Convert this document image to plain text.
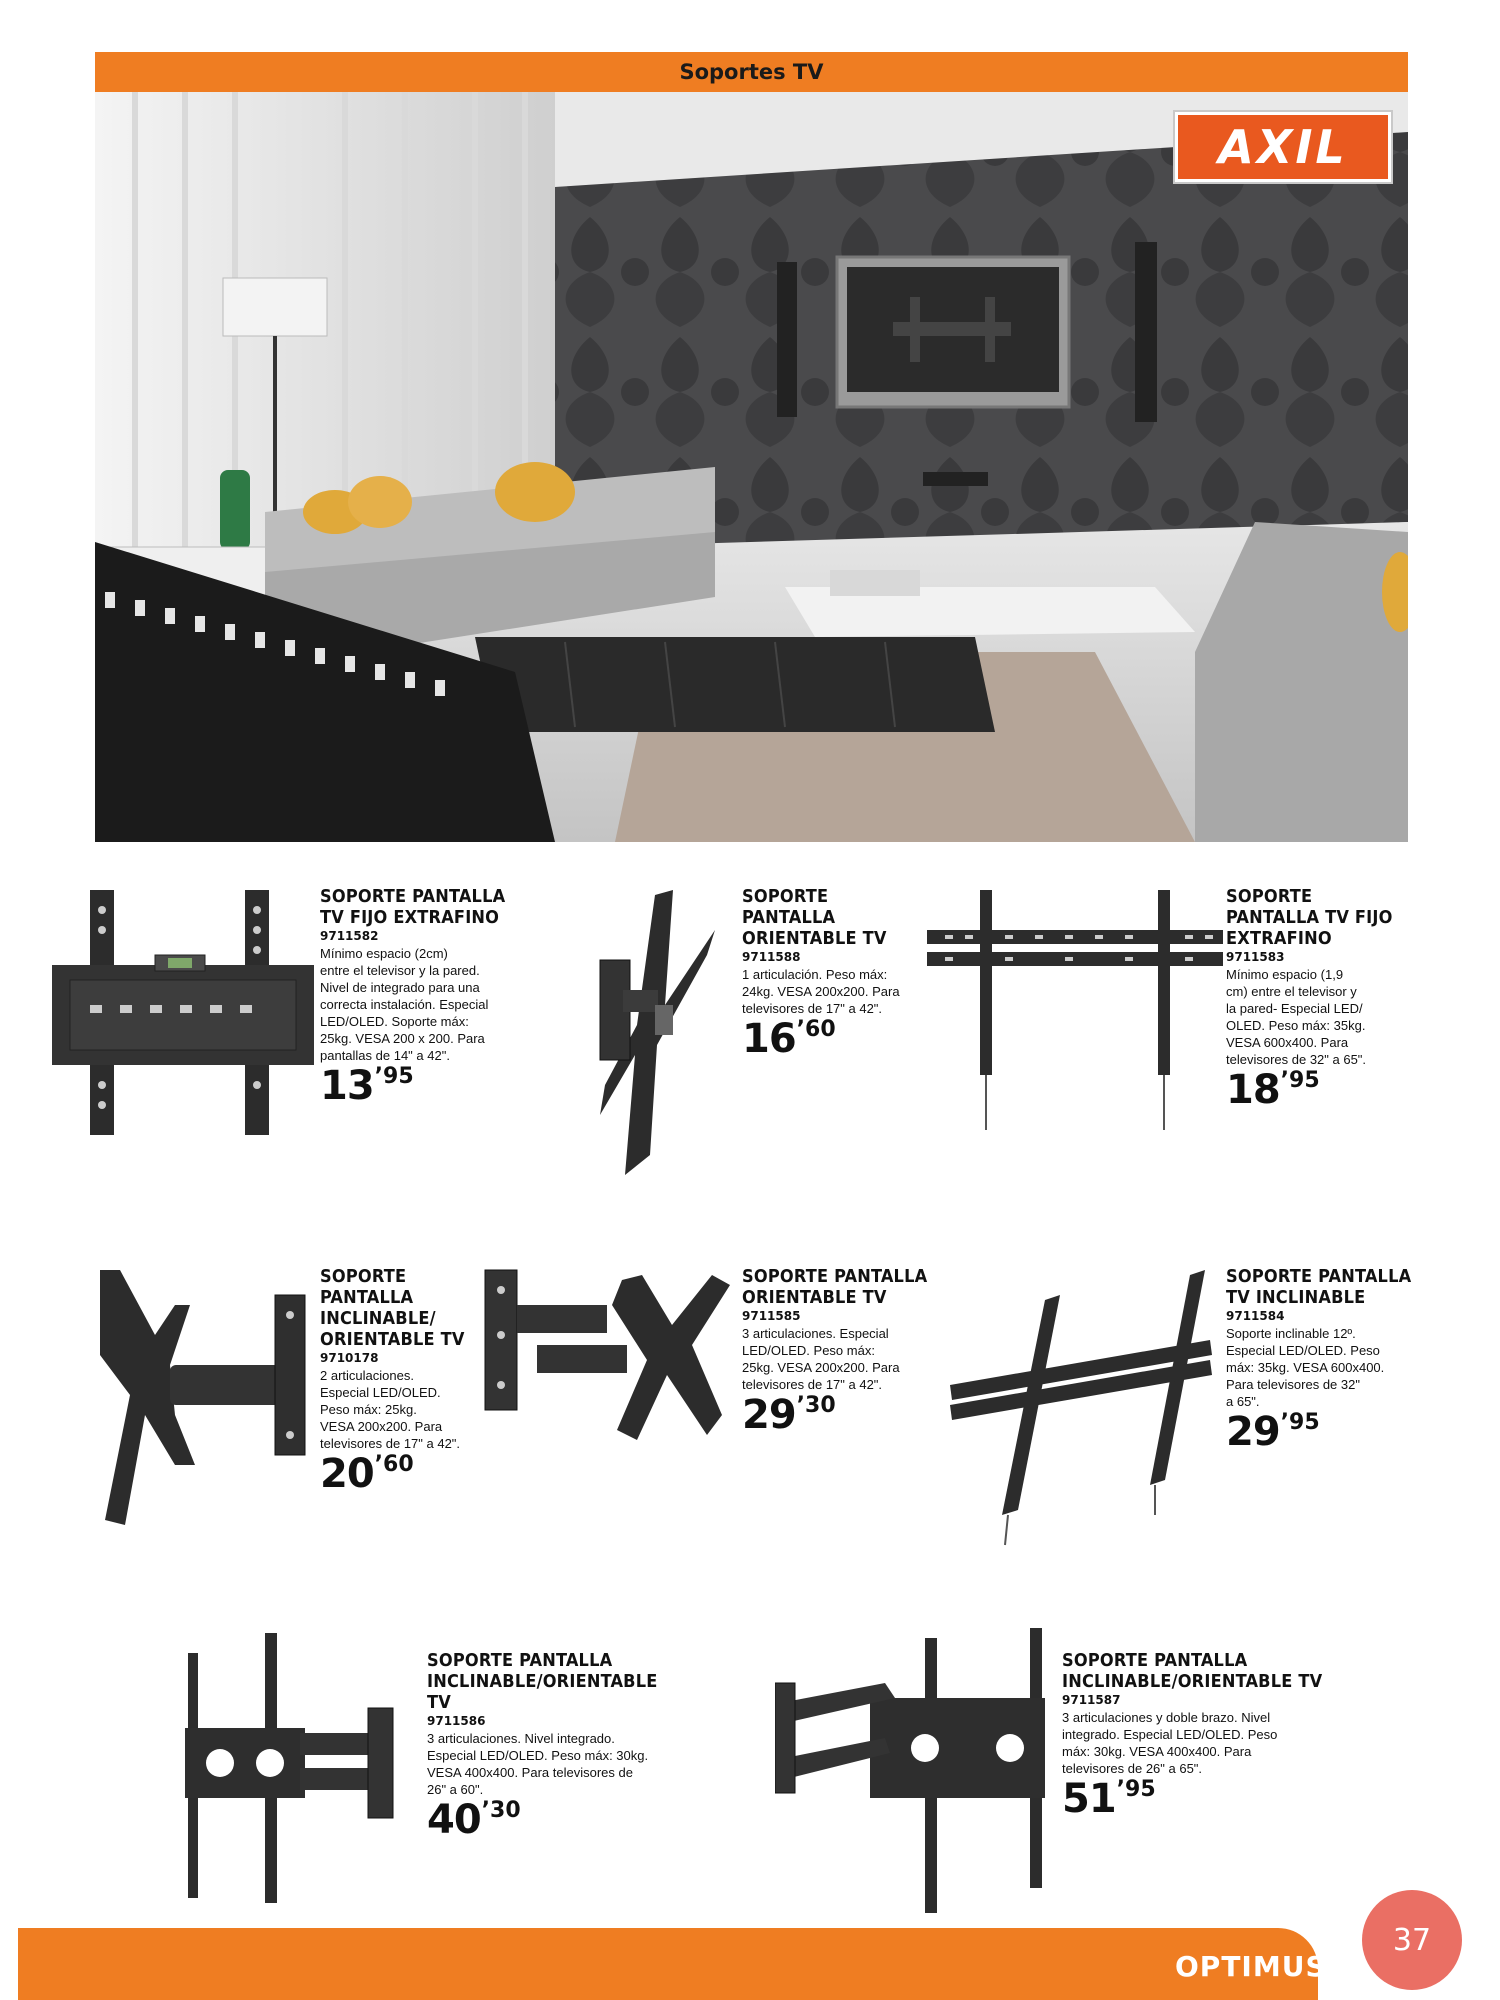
Soportes TV
AXIL
SOPORTE PANTALLA
TV FIJO EXTRAFINO
9711582
Mínimo espacio (2cm)
entre el televisor y la pared.
Nivel de integrado para una
correcta instalación. Especial
LED/OLED. Soporte máx:
25kg. VESA 200 x 200. Para
pantallas de 14" a 42".
$13^{’95}$
SOPORTE
PANTALLA
ORIENTABLE TV
9711588
1 articulación. Peso máx:
24kg. VESA 200x200. Para
televisores de 17" a 42".
$16^{’60}$
SOPORTE
PANTALLA TV FIJO
EXTRAFINO
9711583
Mínimo espacio (1,9
cm) entre el televisor y
la pared- Especial LED/
OLED. Peso máx: 35kg.
VESA 600x400. Para
televisores de 32" a 65".
$18^{’95}$
SOPORTE
PANTALLA
INCLINABLE/
ORIENTABLE TV
9710178
2 articulaciones.
Especial LED/OLED.
Peso máx: 25kg.
VESA 200x200. Para
televisores de 17" a 42".
$20^{’60}$
SOPORTE PANTALLA
ORIENTABLE TV
9711585
3 articulaciones. Especial
LED/OLED. Peso máx:
25kg. VESA 200x200. Para
televisores de 17" a 42".
$29^{’30}$
SOPORTE PANTALLA
TV INCLINABLE
9711584
Soporte inclinable 12º.
Especial LED/OLED. Peso
máx: 35kg. VESA 600x400.
Para televisores de 32"
a 65".
$29^{’95}$
SOPORTE PANTALLA
INCLINABLE/ORIENTABLE TV
9711586
3 articulaciones. Nivel integrado.
Especial LED/OLED. Peso máx: 30kg.
VESA 400x400. Para televisores de
26" a 60".
$40^{’30}$
SOPORTE PANTALLA
INCLINABLE/ORIENTABLE TV
9711587
3 articulaciones y doble brazo. Nivel
integrado. Especial LED/OLED. Peso
máx: 30kg. VESA 400x400. Para
televisores de 26" a 65".
$51^{’95}$
OPTIMUS
37
